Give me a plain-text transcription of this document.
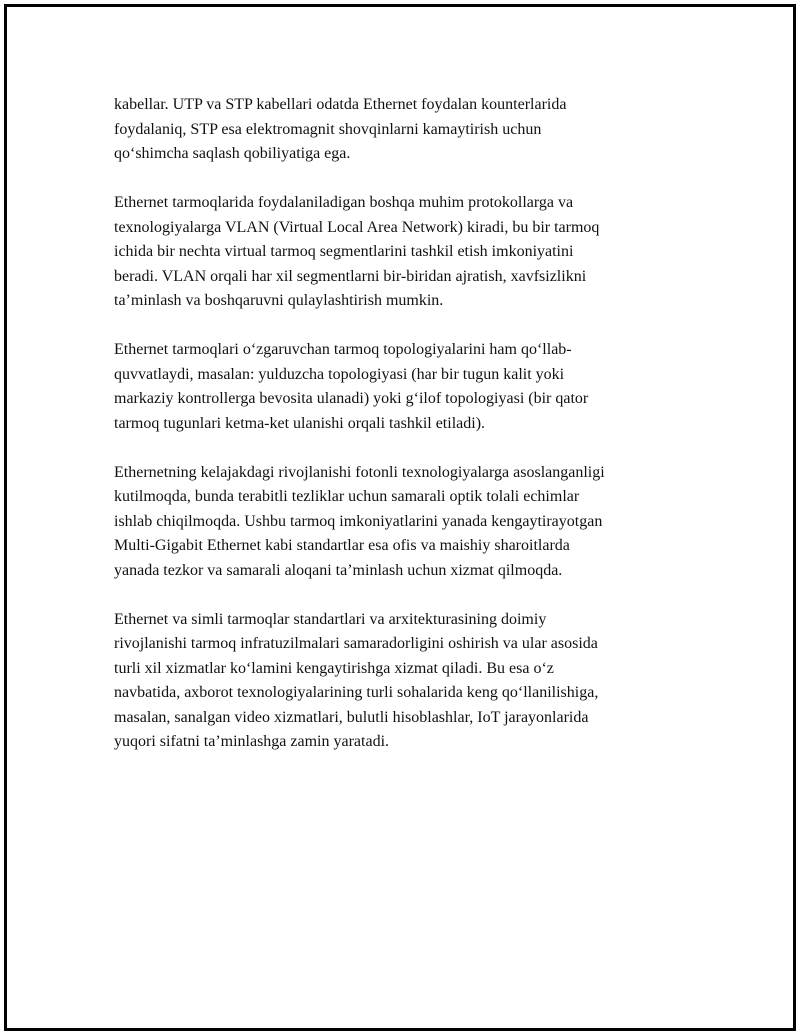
kabellar. UTP va STP kabellari odatda Ethernet foydalan kounterlarida
foydalaniq, STP esa elektromagnit shovqinlarni kamaytirish uchun
qo‘shimcha saqlash qobiliyatiga ega.

Ethernet tarmoqlarida foydalaniladigan boshqa muhim protokollarga va
texnologiyalarga VLAN (Virtual Local Area Network) kiradi, bu bir tarmoq
ichida bir nechta virtual tarmoq segmentlarini tashkil etish imkoniyatini
beradi. VLAN orqali har xil segmentlarni bir-biridan ajratish, xavfsizlikni
ta’minlash va boshqaruvni qulaylashtirish mumkin.

Ethernet tarmoqlari o‘zgaruvchan tarmoq topologiyalarini ham qo‘llab-
quvvatlaydi, masalan: yulduzcha topologiyasi (har bir tugun kalit yoki
markaziy kontrollerga bevosita ulanadi) yoki g‘ilof topologiyasi (bir qator
tarmoq tugunlari ketma-ket ulanishi orqali tashkil etiladi).

Ethernetning kelajakdagi rivojlanishi fotonli texnologiyalarga asoslanganligi
kutilmoqda, bunda terabitli tezliklar uchun samarali optik tolali echimlar
ishlab chiqilmoqda. Ushbu tarmoq imkoniyatlarini yanada kengaytirayotgan
Multi-Gigabit Ethernet kabi standartlar esa ofis va maishiy sharoitlarda
yanada tezkor va samarali aloqani ta’minlash uchun xizmat qilmoqda.

Ethernet va simli tarmoqlar standartlari va arxitekturasining doimiy
rivojlanishi tarmoq infratuzilmalari samaradorligini oshirish va ular asosida
turli xil xizmatlar ko‘lamini kengaytirishga xizmat qiladi. Bu esa o‘z
navbatida, axborot texnologiyalarining turli sohalarida keng qo‘llanilishiga,
masalan, sanalgan video xizmatlari, bulutli hisoblashlar, IoT jarayonlarida
yuqori sifatni ta’minlashga zamin yaratadi.
